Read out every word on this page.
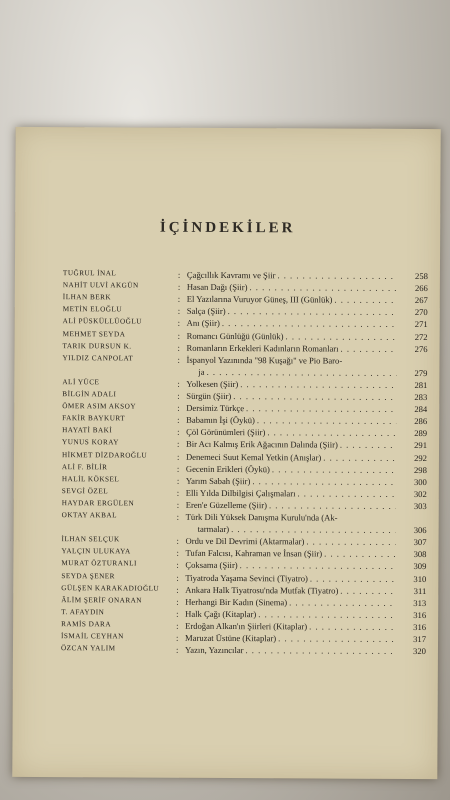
İÇİNDEKİLER
TUĞRUL İNAL	: Çağcıllık Kavramı ve Şiir . . .	258
NAHİT ULVİ AKGÜN	: Hasan Dağı (Şiir) . . .	266
İLHAN BERK	: El Yazılarına Vuruyor Güneş, III (Günlük) . . .	267
METİN ELOĞLU	: Salça (Şiir) . . .	270
ALİ PÜSKÜLLÜOĞLU	: Anı (Şiir) . . .	271
MEHMET SEYDA	: Romancı Günlüğü (Günlük) . . .	272
TARIK DURSUN K.	: Romanların Erkekleri Kadınların Romanları . . .	276
YILDIZ CANPOLAT	: İspanyol Yazınında "98 Kuşağı" ve Pio Baro-
ja . . .	279
ALİ YÜCE	: Yolkesen (Şiir) . . .	281
BİLGİN ADALI	: Sürgün (Şiir) . . .	283
ÖMER ASIM AKSOY	: Dersimiz Türkçe . . .	284
FAKİR BAYKURT	: Babamın İşi (Öykü) . . .	286
HAYATİ BAKİ	: Çöl Görünümleri (Şiir) . . .	289
YUNUS KORAY	: Bir Acı Kalmış Erik Ağacının Dalında (Şiir) . . .	291
HİKMET DİZDAROĞLU	: Denemeci Suut Kemal Yetkin (Anışlar) . . .	292
ALİ F. BİLİR	: Gecenin Erikleri (Öykü) . . .	298
HALİL KÖKSEL	: Yarım Sabah (Şiir) . . .	300
SEVGİ ÖZEL	: Elli Yılda Dilbilgisi Çalışmaları . . .	302
HAYDAR ERGÜLEN	: Eren'e Güzelleme (Şiir) . . .	303
OKTAY AKBAL	: Türk Dili Yüksek Danışma Kurulu'nda (Ak-
tarmalar) . . .	306
İLHAN SELÇUK	: Ordu ve Dil Devrimi (Aktarmalar) . . .	307
YALÇIN ULUKAYA	: Tufan Falcısı, Kahraman ve İnsan (Şiir) . . .	308
MURAT ÖZTURANLI	: Çoksama (Şiir) . . .	309
SEYDA ŞENER	: Tiyatroda Yaşama Sevinci (Tiyatro) . . .	310
GÜLŞEN KARAKADIOĞLU	: Ankara Halk Tiyatrosu'nda Mutfak (Tiyatro) . . .	311
ÂLİM ŞERİF ONARAN	: Herhangi Bir Kadın (Sinema) . . .	313
T. AFAYDIN	: Halk Çağı (Kitaplar) . . .	316
RAMİS DARA	: Erdoğan Alkan'ın Şiirleri (Kitaplar) . . .	316
İSMAİL CEYHAN	: Maruzat Üstüne (Kitaplar) . . .	317
ÖZCAN YALIM	: Yazın, Yazıncılar . . .	320
